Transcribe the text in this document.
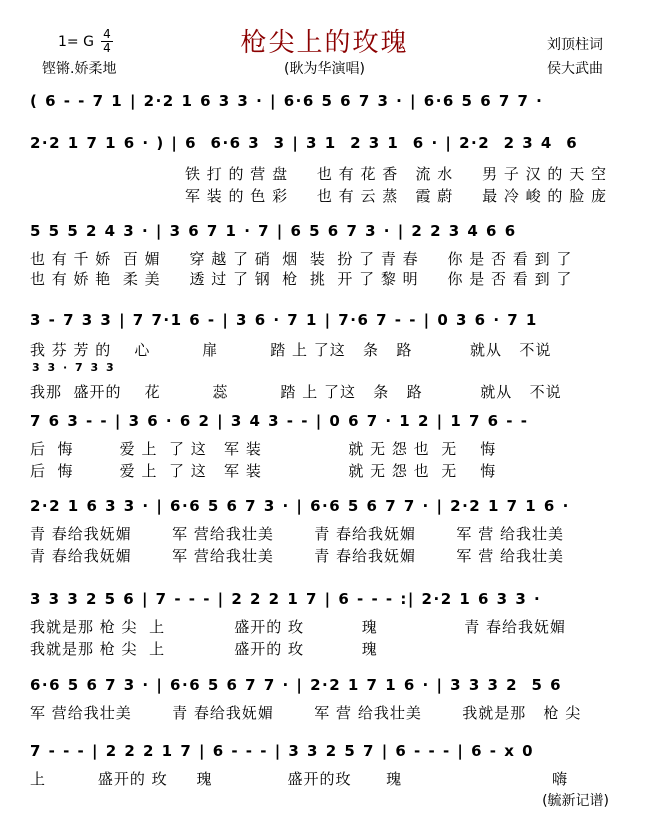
枪尖上的玫瑰
1= G 4
4
铿锵.娇柔地	(耿为华演唱)
刘顶柱词
侯大武曲
( 6 - - 7 1 | 2·2 1 6 3 3 · | 6·6 5 6 7 3 · | 6·6 5 6 7 7 ·
2·2 1 7 1 6 · ) | 6  6·6 3  3 | 3 1  2 3 1  6 · | 2·2  2 3 4  6
铁 打 的 营 盘     也 有 花 香   流 水     男 子 汉 的 天 空
军 装 的 色 彩     也 有 云 蒸   霞 蔚     最 冷 峻 的 脸 庞
5 5 5 2 4 3 · | 3 6 7 1 · 7 | 6 5 6 7 3 · | 2 2 3 4 6 6
也 有 千 娇  百 媚     穿 越 了 硝  烟  装  扮 了 青 春     你 是 否 看 到 了
也 有 娇 艳  柔 美     透 过 了 钢  枪  挑  开 了 黎 明     你 是 否 看 到 了
3 - 7 3 3 | 7 7·1 6 - | 3 6 · 7 1 | 7·6 7 - - | 0 3 6 · 7 1
我 芬 芳 的    心         扉         踏 上 了这   条   路          就从   不说
3 3 · 7 3 3
我那  盛开的    花         蕊         踏 上 了这   条   路          就从   不说
7 6 3 - - | 3 6 · 6 2 | 3 4 3 - - | 0 6 7 · 1 2 | 1 7 6 - -
后  悔        爱 上  了 这   军 装               就 无 怨 也  无    悔
后  悔        爱 上  了 这   军 装               就 无 怨 也  无    悔
2·2 1 6 3 3 · | 6·6 5 6 7 3 · | 6·6 5 6 7 7 · | 2·2 1 7 1 6 ·
青 春给我妩媚       军 营给我壮美       青 春给我妩媚       军 营 给我壮美
青 春给我妩媚       军 营给我壮美       青 春给我妩媚       军 营 给我壮美
3 3 3 2 5 6 | 7 - - - | 2 2 2 1 7 | 6 - - - :| 2·2 1 6 3 3 ·
我就是那 枪 尖  上            盛开的 玫          瑰               青 春给我妩媚
我就是那 枪 尖  上            盛开的 玫          瑰
6·6 5 6 7 3 · | 6·6 5 6 7 7 · | 2·2 1 7 1 6 · | 3 3 3 2  5 6
军 营给我壮美       青 春给我妩媚       军 营 给我壮美       我就是那   枪 尖
7 - - - | 2 2 2 1 7 | 6 - - - | 3 3 2 5 7 | 6 - - - | 6 - x 0
上         盛开的 玫     瑰             盛开的玫      瑰                          嗨
(毓新记谱)
